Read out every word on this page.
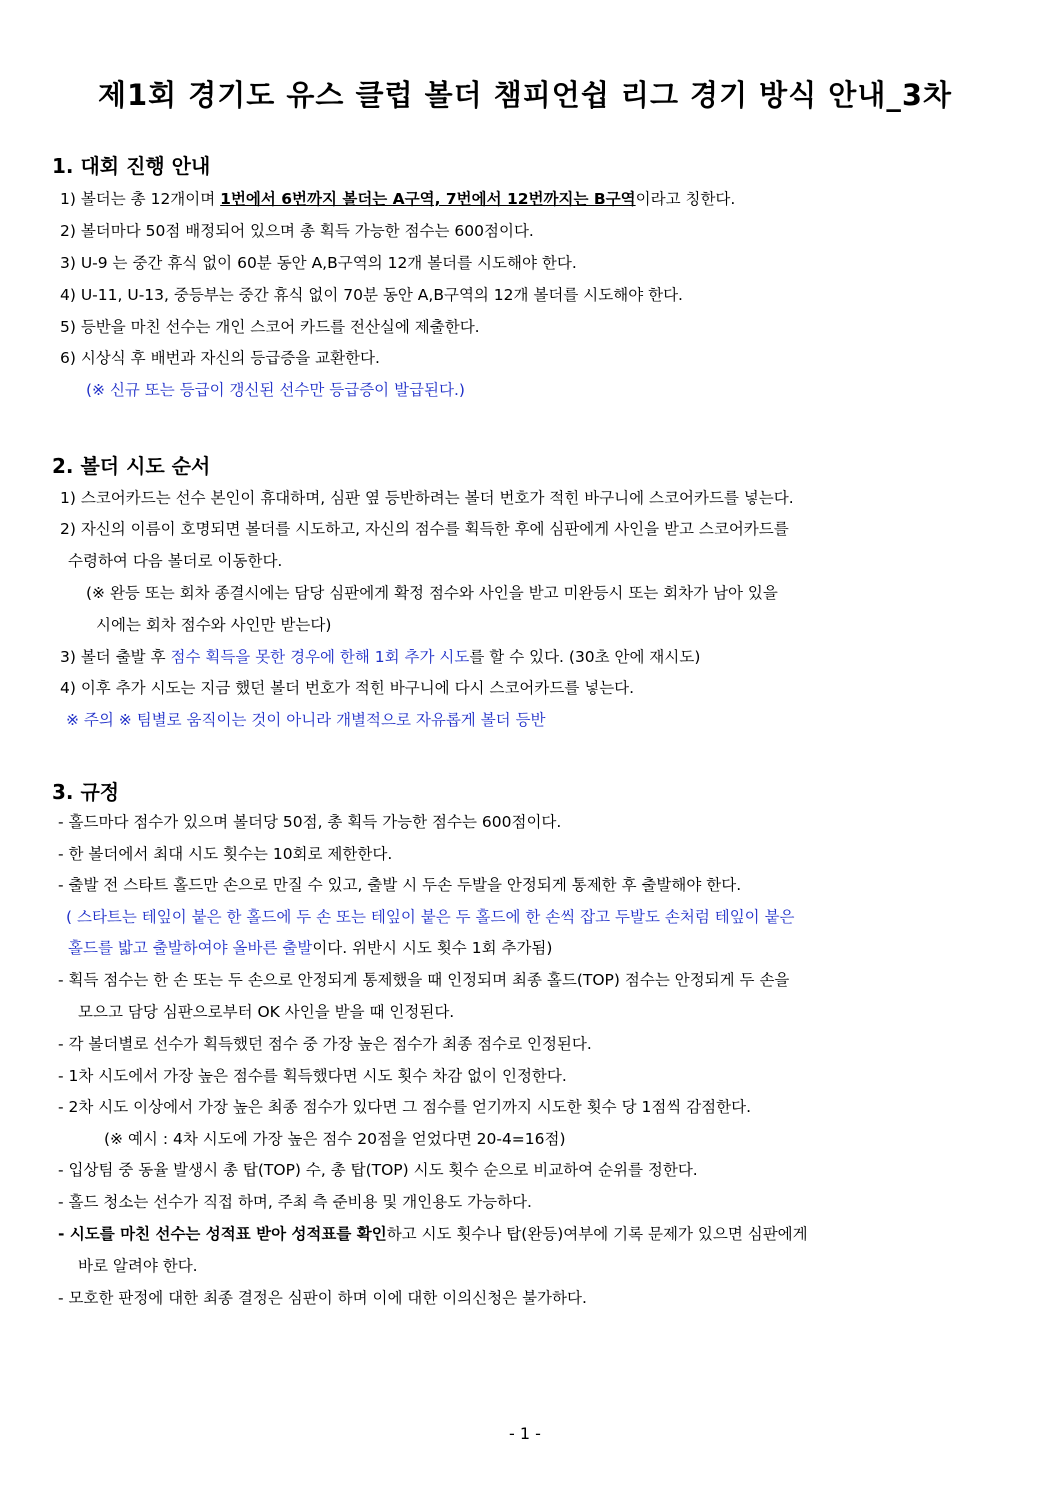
제1회 경기도 유스 클럽 볼더 챔피언쉽 리그 경기 방식 안내_3차
1. 대회 진행 안내
1) 볼더는 총 12개이며 1번에서 6번까지 볼더는 A구역, 7번에서 12번까지는 B구역이라고 칭한다.
2) 볼더마다 50점 배정되어 있으며 총 획득 가능한 점수는 600점이다.
3) U-9 는 중간 휴식 없이 60분 동안 A,B구역의 12개 볼더를 시도해야 한다.
4) U-11, U-13, 중등부는 중간 휴식 없이 70분 동안 A,B구역의 12개 볼더를 시도해야 한다.
5) 등반을 마친 선수는 개인 스코어 카드를 전산실에 제출한다.
6) 시상식 후 배번과 자신의 등급증을 교환한다.
(※ 신규 또는 등급이 갱신된 선수만 등급증이 발급된다.)
2. 볼더 시도 순서
1) 스코어카드는 선수 본인이 휴대하며, 심판 옆 등반하려는 볼더 번호가 적힌 바구니에 스코어카드를 넣는다.
2) 자신의 이름이 호명되면 볼더를 시도하고, 자신의 점수를 획득한 후에 심판에게 사인을 받고 스코어카드를
수령하여 다음 볼더로 이동한다.
(※ 완등 또는 회차 종결시에는 담당 심판에게 확정 점수와 사인을 받고 미완등시 또는 회차가 남아 있을
시에는 회차 점수와 사인만 받는다)
3) 볼더 출발 후 점수 획득을 못한 경우에 한해 1회 추가 시도를 할 수 있다. (30초 안에 재시도)
4) 이후 추가 시도는 지금 했던 볼더 번호가 적힌 바구니에 다시 스코어카드를 넣는다.
※ 주의 ※ 팀별로 움직이는 것이 아니라 개별적으로 자유롭게 볼더 등반
3. 규정
- 홀드마다 점수가 있으며 볼더당 50점, 총 획득 가능한 점수는 600점이다.
- 한 볼더에서 최대 시도 횟수는 10회로 제한한다.
- 출발 전 스타트 홀드만 손으로 만질 수 있고, 출발 시 두손 두발을 안정되게 통제한 후 출발해야 한다.
( 스타트는 테잎이 붙은 한 홀드에 두 손 또는 테잎이 붙은 두 홀드에 한 손씩 잡고 두발도 손처럼 테잎이 붙은
홀드를 밟고 출발하여야 올바른 출발이다. 위반시 시도 횟수 1회 추가됨)
- 획득 점수는 한 손 또는 두 손으로 안정되게 통제했을 때 인정되며 최종 홀드(TOP) 점수는 안정되게 두 손을
모으고 담당 심판으로부터 OK 사인을 받을 때 인정된다.
- 각 볼더별로 선수가 획득했던 점수 중 가장 높은 점수가 최종 점수로 인정된다.
- 1차 시도에서 가장 높은 점수를 획득했다면 시도 횟수 차감 없이 인정한다.
- 2차 시도 이상에서 가장 높은 최종 점수가 있다면 그 점수를 얻기까지 시도한 횟수 당 1점씩 감점한다.
(※ 예시 : 4차 시도에 가장 높은 점수 20점을 얻었다면 20-4=16점)
- 입상팀 중 동율 발생시 총 탑(TOP) 수, 총 탑(TOP) 시도 횟수 순으로 비교하여 순위를 정한다.
- 홀드 청소는 선수가 직접 하며, 주최 측 준비용 및 개인용도 가능하다.
- 시도를 마친 선수는 성적표 받아 성적표를 확인하고 시도 횟수나 탑(완등)여부에 기록 문제가 있으면 심판에게
바로 알려야 한다.
- 모호한 판정에 대한 최종 결정은 심판이 하며 이에 대한 이의신청은 불가하다.
- 1 -
